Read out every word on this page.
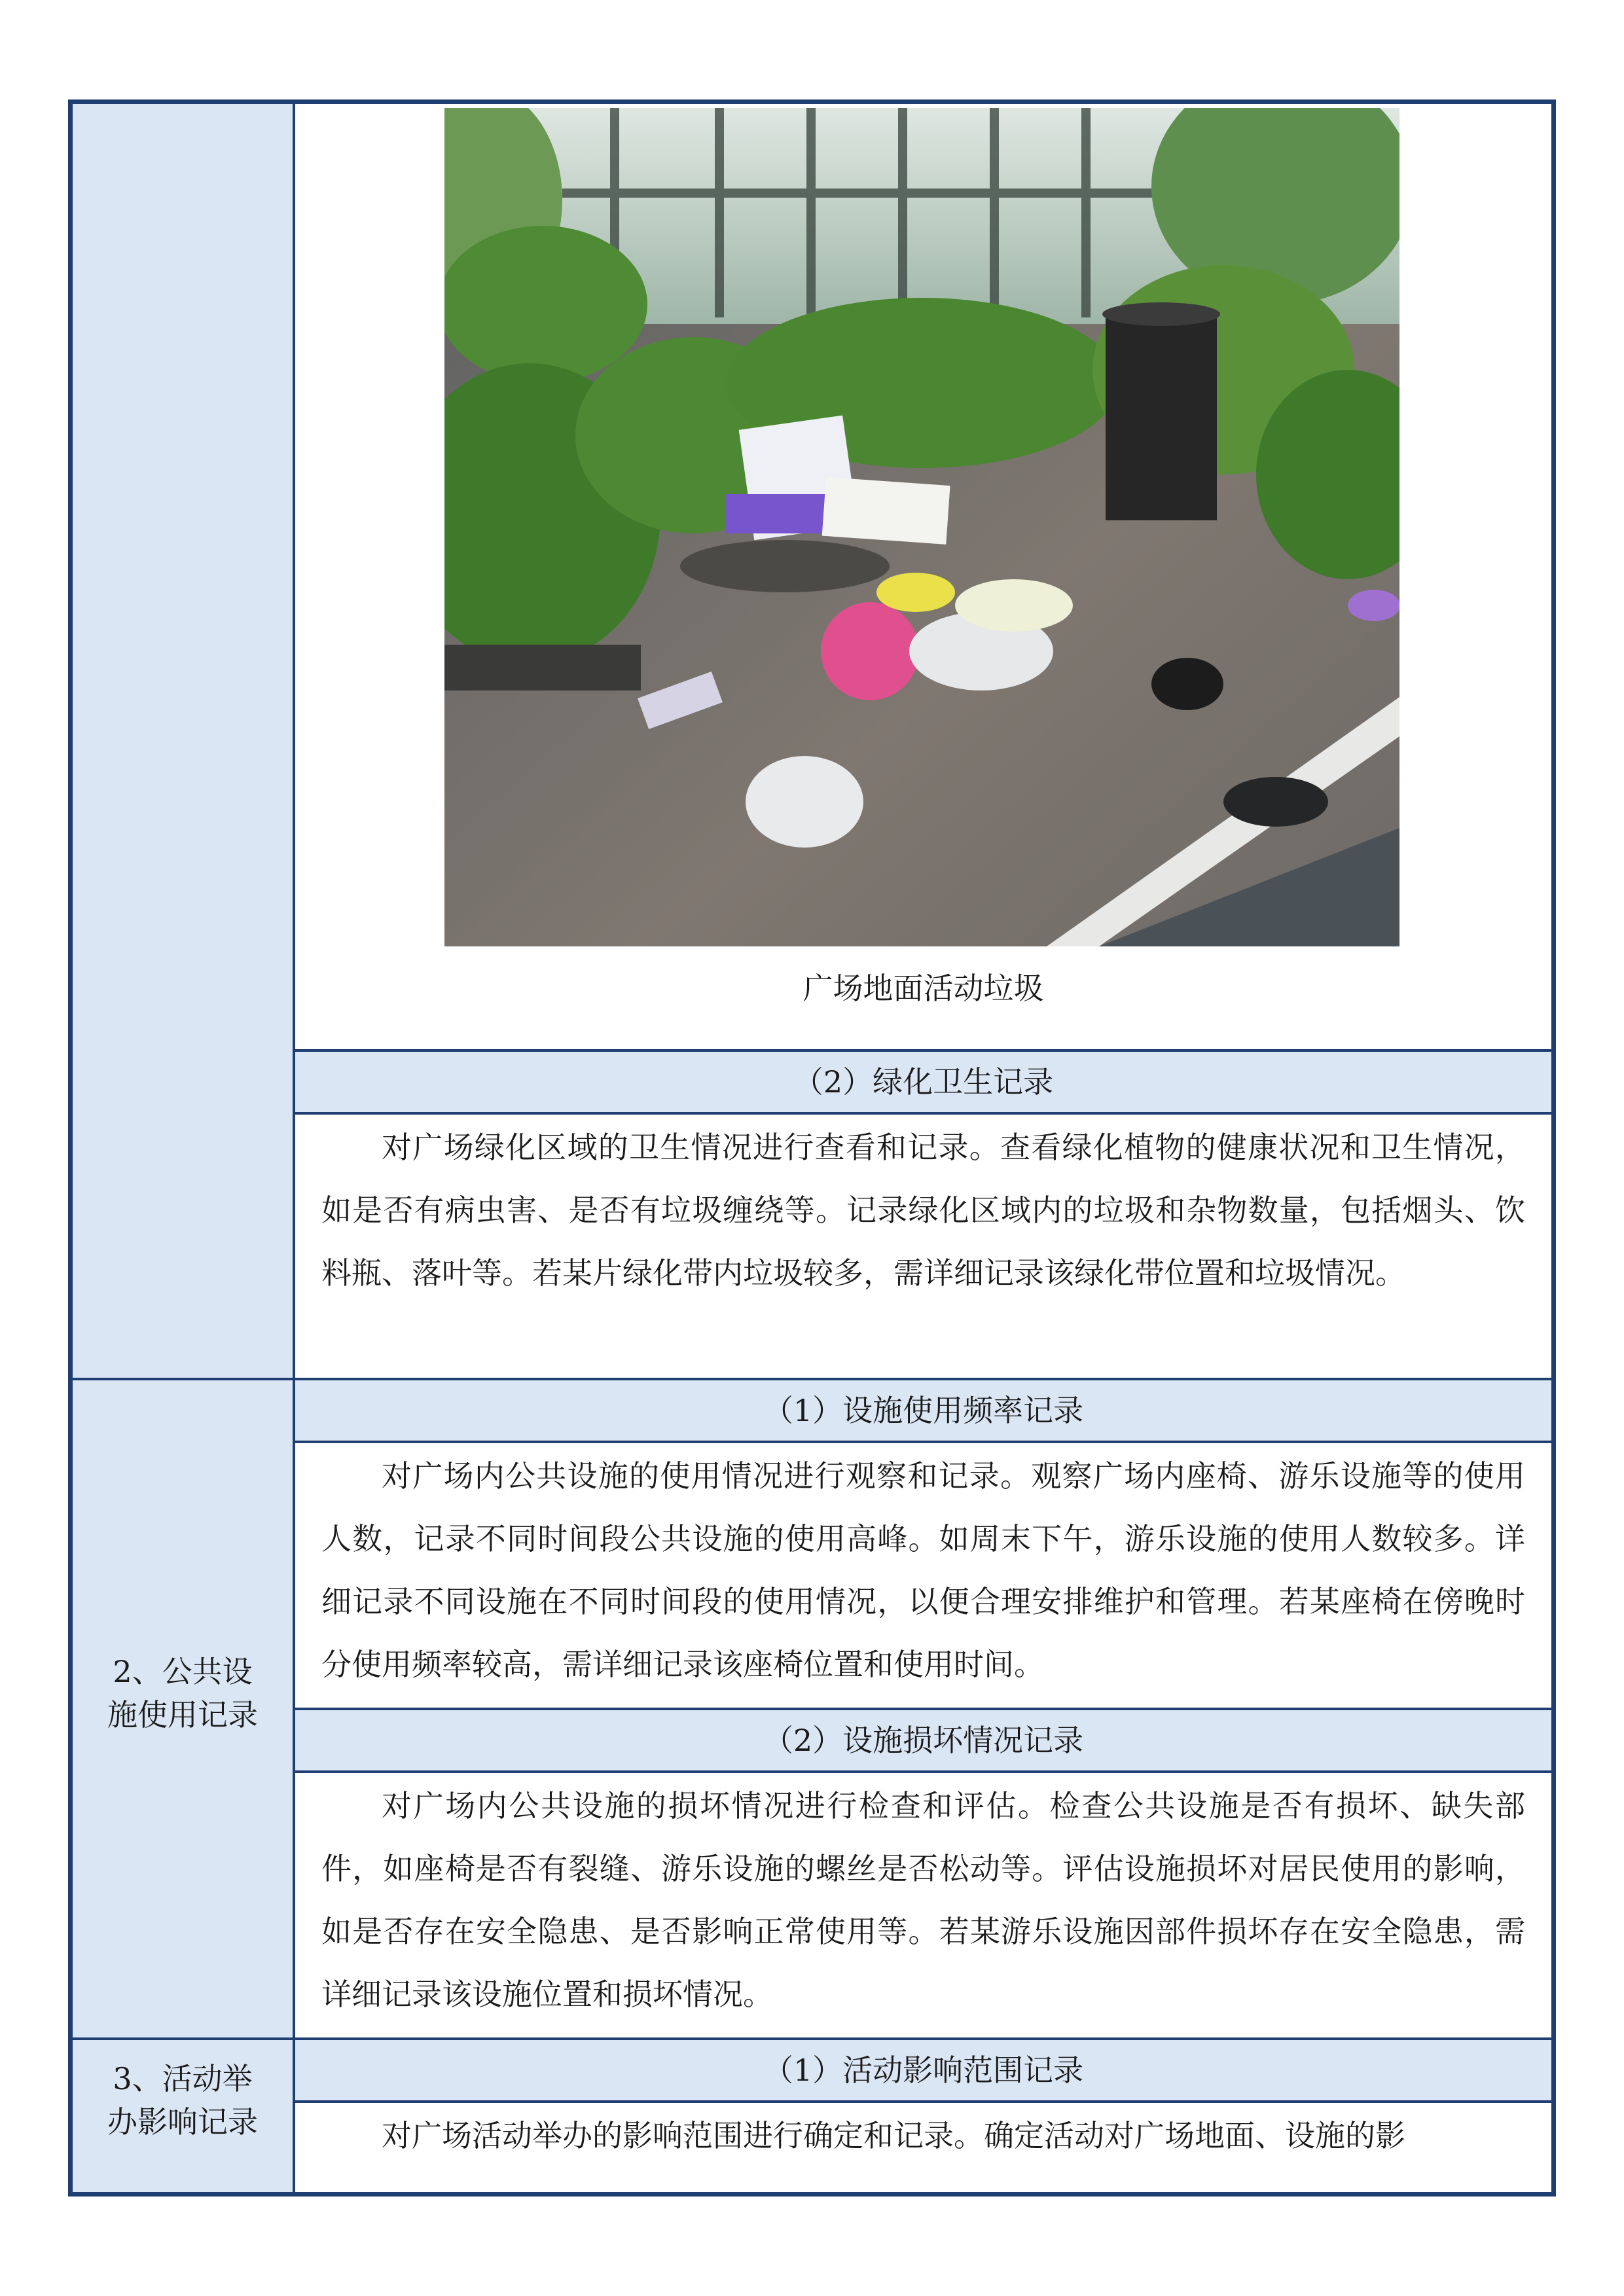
广场地面活动垃圾
（2）绿化卫生记录
对广场绿化区域的卫生情况进行查看和记录。查看绿化植物的健康状况和卫生情况，如是否有病虫害、是否有垃圾缠绕等。记录绿化区域内的垃圾和杂物数量，包括烟头、饮料瓶、落叶等。若某片绿化带内垃圾较多，需详细记录该绿化带位置和垃圾情况。
2、公共设
施使用记录
（1）设施使用频率记录
对广场内公共设施的使用情况进行观察和记录。观察广场内座椅、游乐设施等的使用人数，记录不同时间段公共设施的使用高峰。如周末下午，游乐设施的使用人数较多。详细记录不同设施在不同时间段的使用情况，以便合理安排维护和管理。若某座椅在傍晚时分使用频率较高，需详细记录该座椅位置和使用时间。
（2）设施损坏情况记录
对广场内公共设施的损坏情况进行检查和评估。检查公共设施是否有损坏、缺失部件，如座椅是否有裂缝、游乐设施的螺丝是否松动等。评估设施损坏对居民使用的影响，如是否存在安全隐患、是否影响正常使用等。若某游乐设施因部件损坏存在安全隐患，需详细记录该设施位置和损坏情况。
3、活动举
办影响记录
（1）活动影响范围记录
对广场活动举办的影响范围进行确定和记录。确定活动对广场地面、设施的影
